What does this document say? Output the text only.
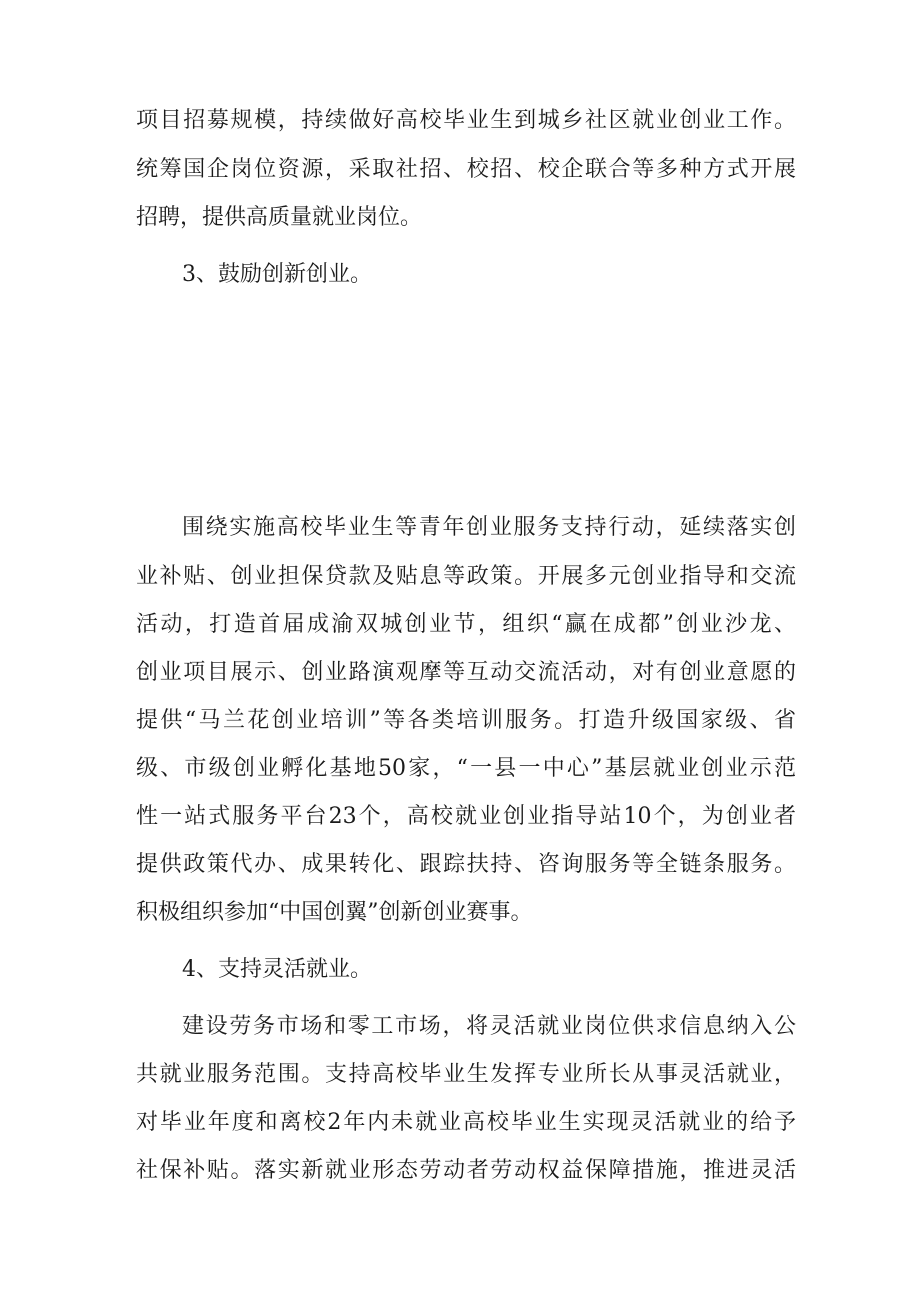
项目招募规模，持续做好高校毕业生到城乡社区就业创业工作。
统筹国企岗位资源，采取社招、校招、校企联合等多种方式开展
招聘，提供高质量就业岗位。
3、鼓励创新创业。
围绕实施高校毕业生等青年创业服务支持行动，延续落实创
业补贴、创业担保贷款及贴息等政策。开展多元创业指导和交流
活动，打造首届成渝双城创业节，组织“赢在成都”创业沙龙、
创业项目展示、创业路演观摩等互动交流活动，对有创业意愿的
提供“马兰花创业培训”等各类培训服务。打造升级国家级、省
级、市级创业孵化基地50家，“一县一中心”基层就业创业示范
性一站式服务平台23个，高校就业创业指导站10个，为创业者
提供政策代办、成果转化、跟踪扶持、咨询服务等全链条服务。
积极组织参加“中国创翼”创新创业赛事。
4、支持灵活就业。
建设劳务市场和零工市场，将灵活就业岗位供求信息纳入公
共就业服务范围。支持高校毕业生发挥专业所长从事灵活就业，
对毕业年度和离校2年内未就业高校毕业生实现灵活就业的给予
社保补贴。落实新就业形态劳动者劳动权益保障措施，推进灵活
